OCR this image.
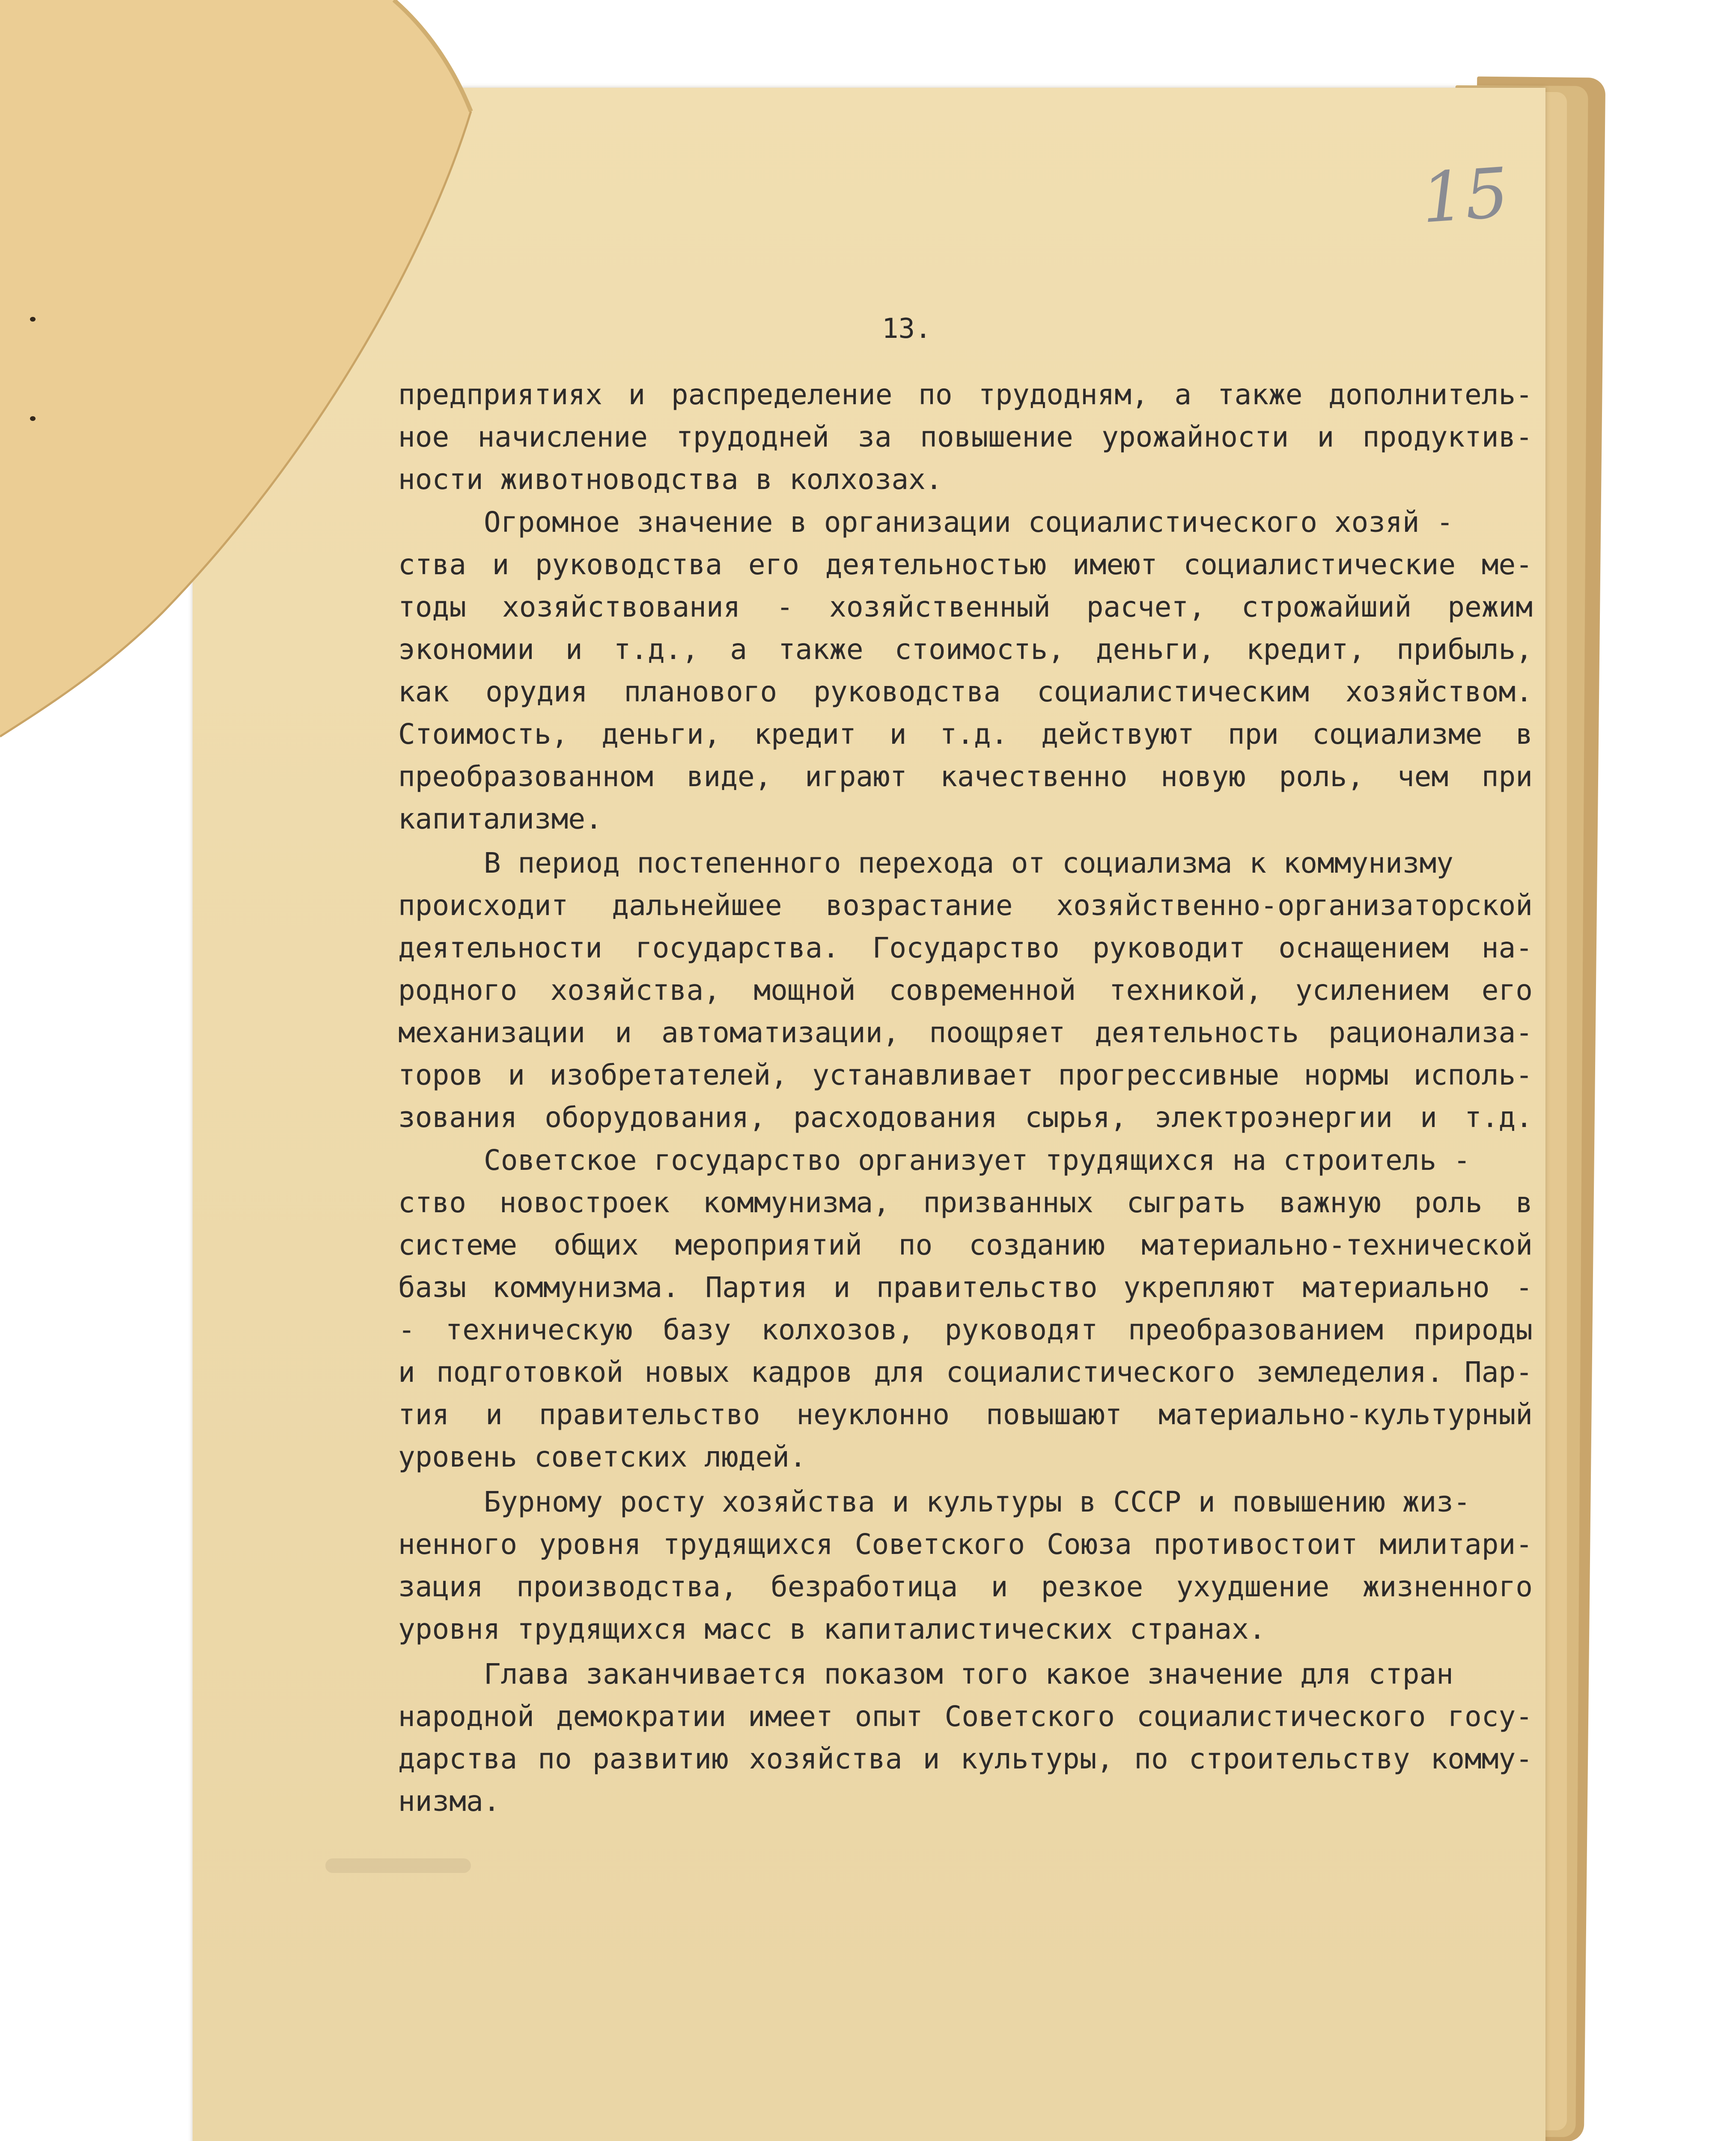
15
13.
предприятиях и распределение по трудодням, а также дополнитель-
ное начисление трудодней за повышение урожайности и продуктив-
ности животноводства в колхозах.
Огромное значение в организации социалистического хозяй -
ства и руководства его деятельностью имеют социалистические ме-
тоды хозяйствования - хозяйственный расчет, строжайший режим
экономии и т.д., а также стоимость, деньги, кредит, прибыль,
как орудия планового руководства социалистическим хозяйством.
Стоимость, деньги, кредит и т.д. действуют при социализме в
преобразованном виде, играют качественно новую роль, чем при
капитализме.
В период постепенного перехода от социализма к коммунизму
происходит дальнейшее возрастание хозяйственно-организаторской
деятельности государства. Государство руководит оснащением на-
родного хозяйства, мощной современной техникой, усилением его
механизации и автоматизации, поощряет деятельность рационализа-
торов и изобретателей, устанавливает прогрессивные нормы исполь-
зования оборудования, расходования сырья, электроэнергии и т.д.
Советское государство организует трудящихся на строитель -
ство новостроек коммунизма, призванных сыграть важную роль в
системе общих мероприятий по созданию материально-технической
базы коммунизма. Партия и правительство укрепляют материально -
- техническую базу колхозов, руководят преобразованием природы
и подготовкой новых кадров для социалистического земледелия. Пар-
тия и правительство неуклонно повышают материально-культурный
уровень советских людей.
Бурному росту хозяйства и культуры в СССР и повышению жиз-
ненного уровня трудящихся Советского Союза противостоит милитари-
зация производства, безработица и резкое ухудшение жизненного
уровня трудящихся масс в капиталистических странах.
Глава заканчивается показом того какое значение для стран
народной демократии имеет опыт Советского социалистического госу-
дарства по развитию хозяйства и культуры, по строительству комму-
низма.
